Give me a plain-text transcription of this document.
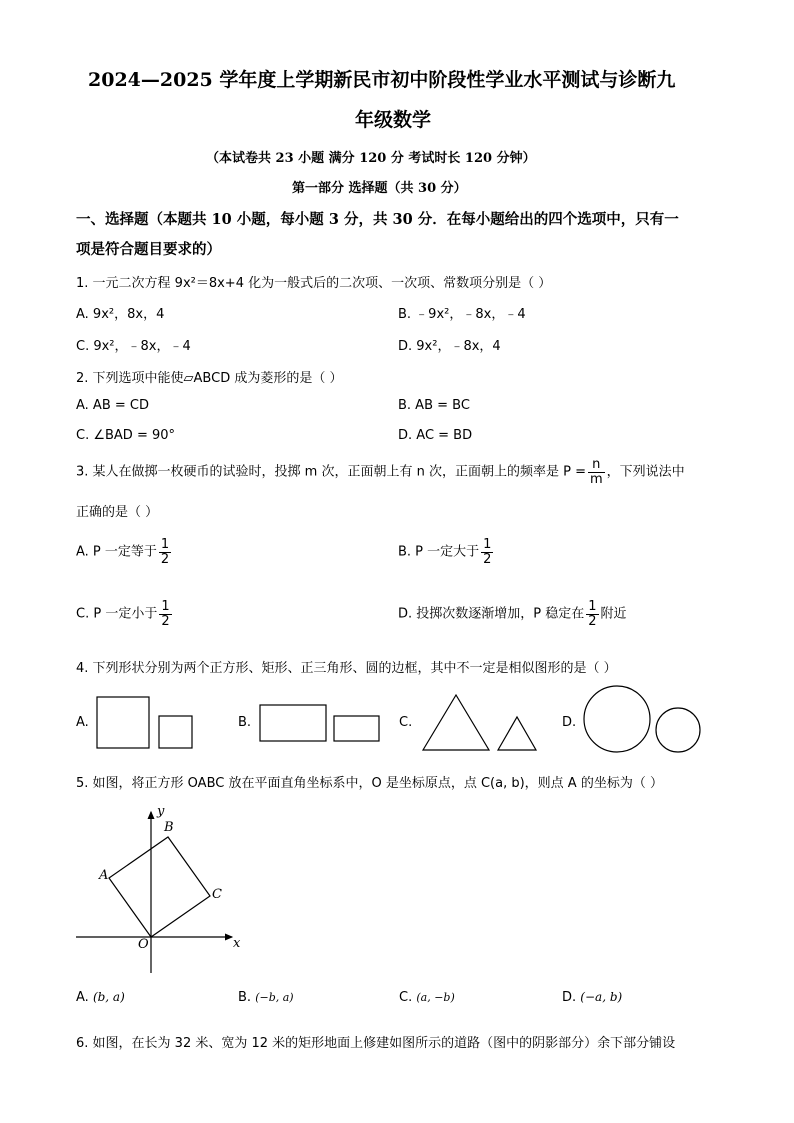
2024—2025 学年度上学期新民市初中阶段性学业水平测试与诊断九
年级数学
（本试卷共 23 小题 满分 120 分 考试时长 120 分钟）
第一部分 选择题（共 30 分）
一、选择题（本题共 10 小题，每小题 3 分，共 30 分．在每小题给出的四个选项中，只有一
项是符合题目要求的）
1. 一元二次方程 9x²＝8x+4 化为一般式后的二次项、一次项、常数项分别是（ ）
A. 9x²，8x，4	B. ﹣9x²，﹣8x，﹣4
C. 9x²，﹣8x，﹣4	D. 9x²，﹣8x，4
2. 下列选项中能使▱ABCD 成为菱形的是（ ）
A. AB = CD	B. AB = BC
C. ∠BAD = 90°	D. AC = BD
3. 某人在做掷一枚硬币的试验时，投掷 m 次，正面朝上有 n 次，正面朝上的频率是 $P = \frac{n}{m}$ ，下列说法中
正确的是（ ）
A. P 一定等于 $\frac{1}{2}$	B. P 一定大于 $\frac{1}{2}$
C. P 一定小于 $\frac{1}{2}$	D. 投掷次数逐渐增加，P 稳定在 $\frac{1}{2}$ 附近
4. 下列形状分别为两个正方形、矩形、正三角形、圆的边框，其中不一定是相似图形的是（ ）
A.	B.	C.	D.
5. 如图，将正方形 OABC 放在平面直角坐标系中，O 是坐标原点，点 C(a, b)，则点 A 的坐标为（ ）
y
x
O
A
B
C
A. (b, a)	B. (−b, a)	C. (a, −b)	D. (−a, b)
6. 如图，在长为 32 米、宽为 12 米的矩形地面上修建如图所示的道路（图中的阴影部分）余下部分铺设
